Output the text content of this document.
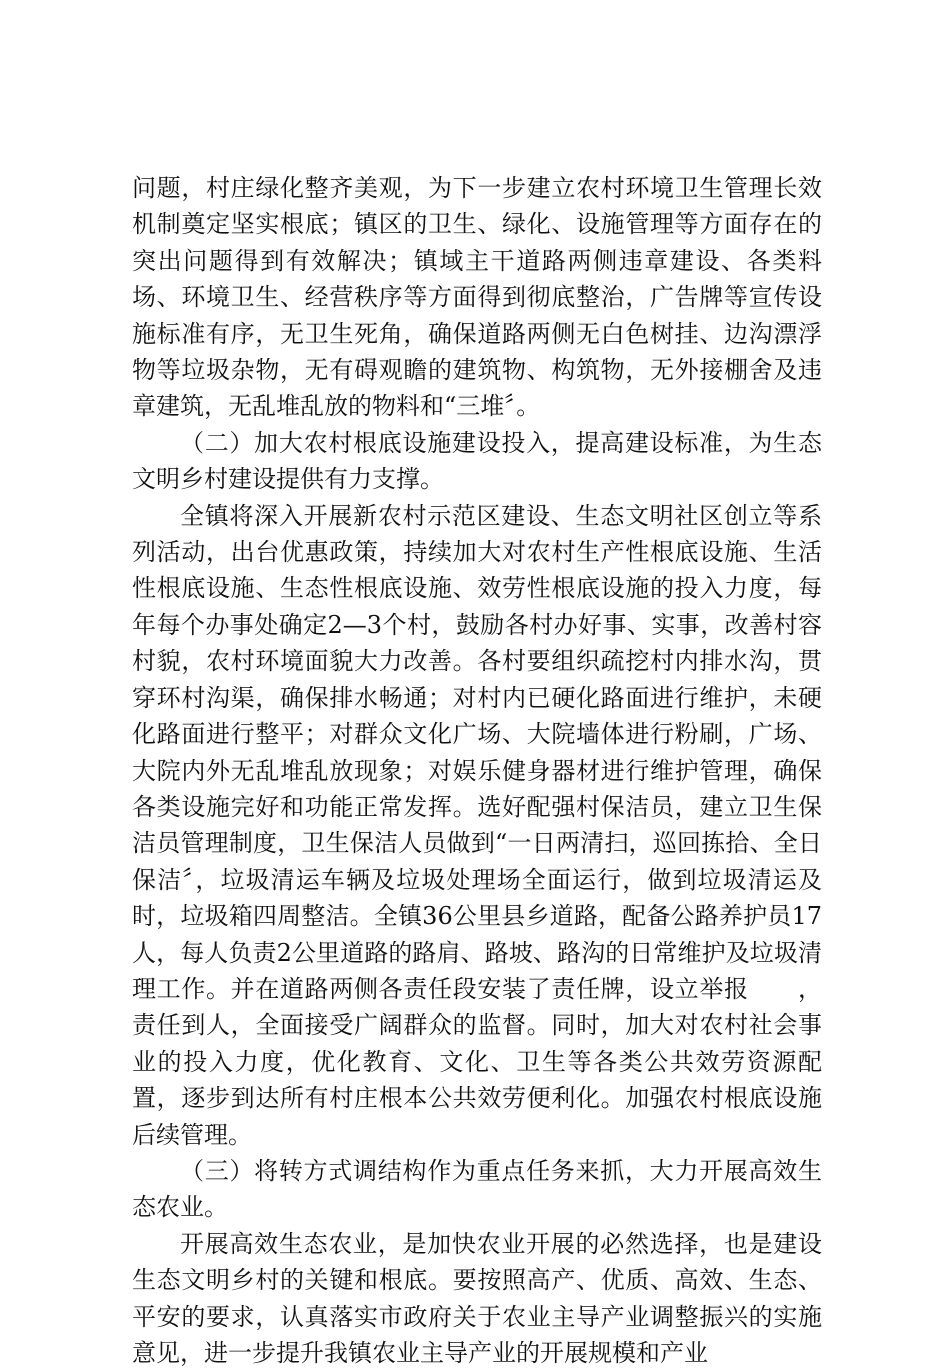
问题，村庄绿化整齐美观，为下一步建立农村环境卫生管理长效机制奠定坚实根底；镇区的卫生、绿化、设施管理等方面存在的突出问题得到有效解决；镇域主干道路两侧违章建设、各类料场、环境卫生、经营秩序等方面得到彻底整治，广告牌等宣传设施标准有序，无卫生死角，确保道路两侧无白色树挂、边沟漂浮物等垃圾杂物，无有碍观瞻的建筑物、构筑物，无外接棚舍及违章建筑，无乱堆乱放的物料和“三堆〞。

（二）加大农村根底设施建设投入，提高建设标准，为生态文明乡村建设提供有力支撑。

全镇将深入开展新农村示范区建设、生态文明社区创立等系列活动，出台优惠政策，持续加大对农村生产性根底设施、生活性根底设施、生态性根底设施、效劳性根底设施的投入力度，每年每个办事处确定2—3个村，鼓励各村办好事、实事，改善村容村貌，农村环境面貌大力改善。各村要组织疏挖村内排水沟，贯穿环村沟渠，确保排水畅通；对村内已硬化路面进行维护，未硬化路面进行整平；对群众文化广场、大院墙体进行粉刷，广场、大院内外无乱堆乱放现象；对娱乐健身器材进行维护管理，确保各类设施完好和功能正常发挥。选好配强村保洁员，建立卫生保洁员管理制度，卫生保洁人员做到“一日两清扫，巡回拣拾、全日保洁〞，垃圾清运车辆及垃圾处理场全面运行，做到垃圾清运及时，垃圾箱四周整洁。全镇36公里县乡道路，配备公路养护员17人，每人负责2公里道路的路肩、路坡、路沟的日常维护及垃圾清理工作。并在道路两侧各责任段安装了责任牌，设立举报　　，责任到人，全面接受广阔群众的监督。同时，加大对农村社会事业的投入力度，优化教育、文化、卫生等各类公共效劳资源配置，逐步到达所有村庄根本公共效劳便利化。加强农村根底设施后续管理。

（三）将转方式调结构作为重点任务来抓，大力开展高效生态农业。

开展高效生态农业，是加快农业开展的必然选择，也是建设生态文明乡村的关键和根底。要按照高产、优质、高效、生态、平安的要求，认真落实市政府关于农业主导产业调整振兴的实施意见，进一步提升我镇农业主导产业的开展规模和产业
